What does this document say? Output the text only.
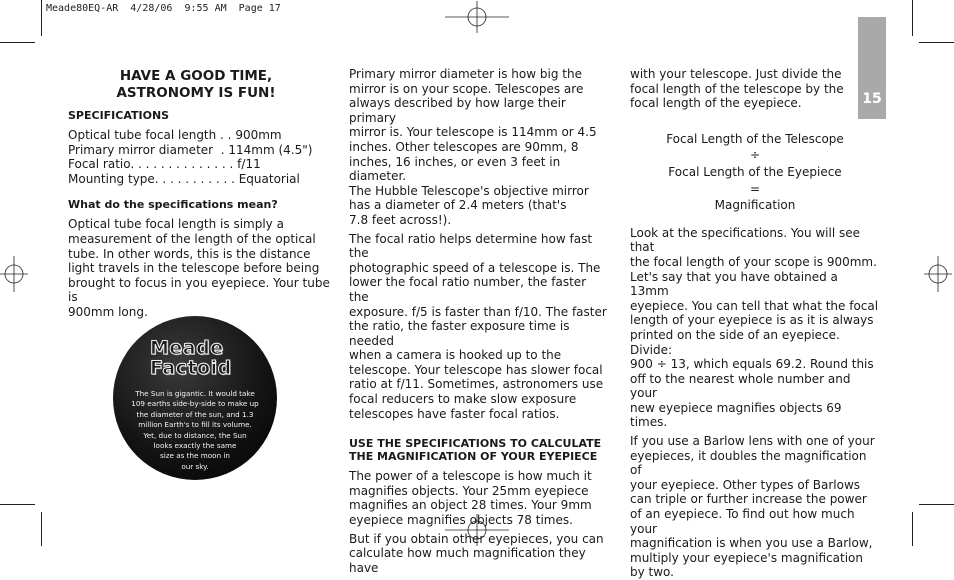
Meade80EQ-AR  4/28/06  9:55 AM  Page 17
15

HAVE A GOOD TIME,

ASTRONOMY IS FUN!

SPECIFICATIONS

Optical tube focal length . . 900mm

Primary mirror diameter  . 114mm (4.5")

Focal ratio. . . . . . . . . . . . . . f/11

Mounting type. . . . . . . . . . . Equatorial

What do the specifications mean?

Optical tube focal length is simply a

measurement of the length of the optical

tube. In other words, this is the distance

light travels in the telescope before being

brought to focus in you eyepiece. Your tube is

900mm long.

Meade
Factoid
The Sun is gigantic. It would take
109 earths side-by-side to make up
the diameter of the sun, and 1.3
million Earth's to fill its volume.
Yet, due to distance, the Sun
looks exactly the same
size as the moon in
our sky.

Primary mirror diameter is how big the

mirror is on your scope. Telescopes are

always described by how large their primary

mirror is. Your telescope is 114mm or 4.5

inches. Other telescopes are 90mm, 8

inches, 16 inches, or even 3 feet in diameter.

The Hubble Telescope's objective mirror

has a diameter of 2.4 meters (that's

7.8 feet across!).

The focal ratio helps determine how fast the

photographic speed of a telescope is. The

lower the focal ratio number, the faster the

exposure. f/5 is faster than f/10. The faster

the ratio, the faster exposure time is needed

when a camera is hooked up to the

telescope. Your telescope has slower focal

ratio at f/11. Sometimes, astronomers use

focal reducers to make slow exposure

telescopes have faster focal ratios.

USE THE SPECIFICATIONS TO CALCULATE

THE MAGNIFICATION OF YOUR EYEPIECE

The power of a telescope is how much it

magnifies objects. Your 25mm eyepiece

magnifies an object 28 times. Your 9mm

eyepiece magnifies objects 78 times.

But if you obtain other eyepieces, you can

calculate how much magnification they have

with your telescope. Just divide the

focal length of the telescope by the

focal length of the eyepiece.

Focal Length of the Telescope
÷
Focal Length of the Eyepiece
=
Magnification

Look at the specifications. You will see that

the focal length of your scope is 900mm.

Let's say that you have obtained a 13mm

eyepiece. You can tell that what the focal

length of your eyepiece is as it is always

printed on the side of an eyepiece. Divide:

900 ÷ 13, which equals 69.2. Round this

off to the nearest whole number and your

new eyepiece magnifies objects 69 times.

If you use a Barlow lens with one of your

eyepieces, it doubles the magnification of

your eyepiece. Other types of Barlows

can triple or further increase the power

of an eyepiece. To find out how much your

magnification is when you use a Barlow,

multiply your eyepiece's magnification

by two.
